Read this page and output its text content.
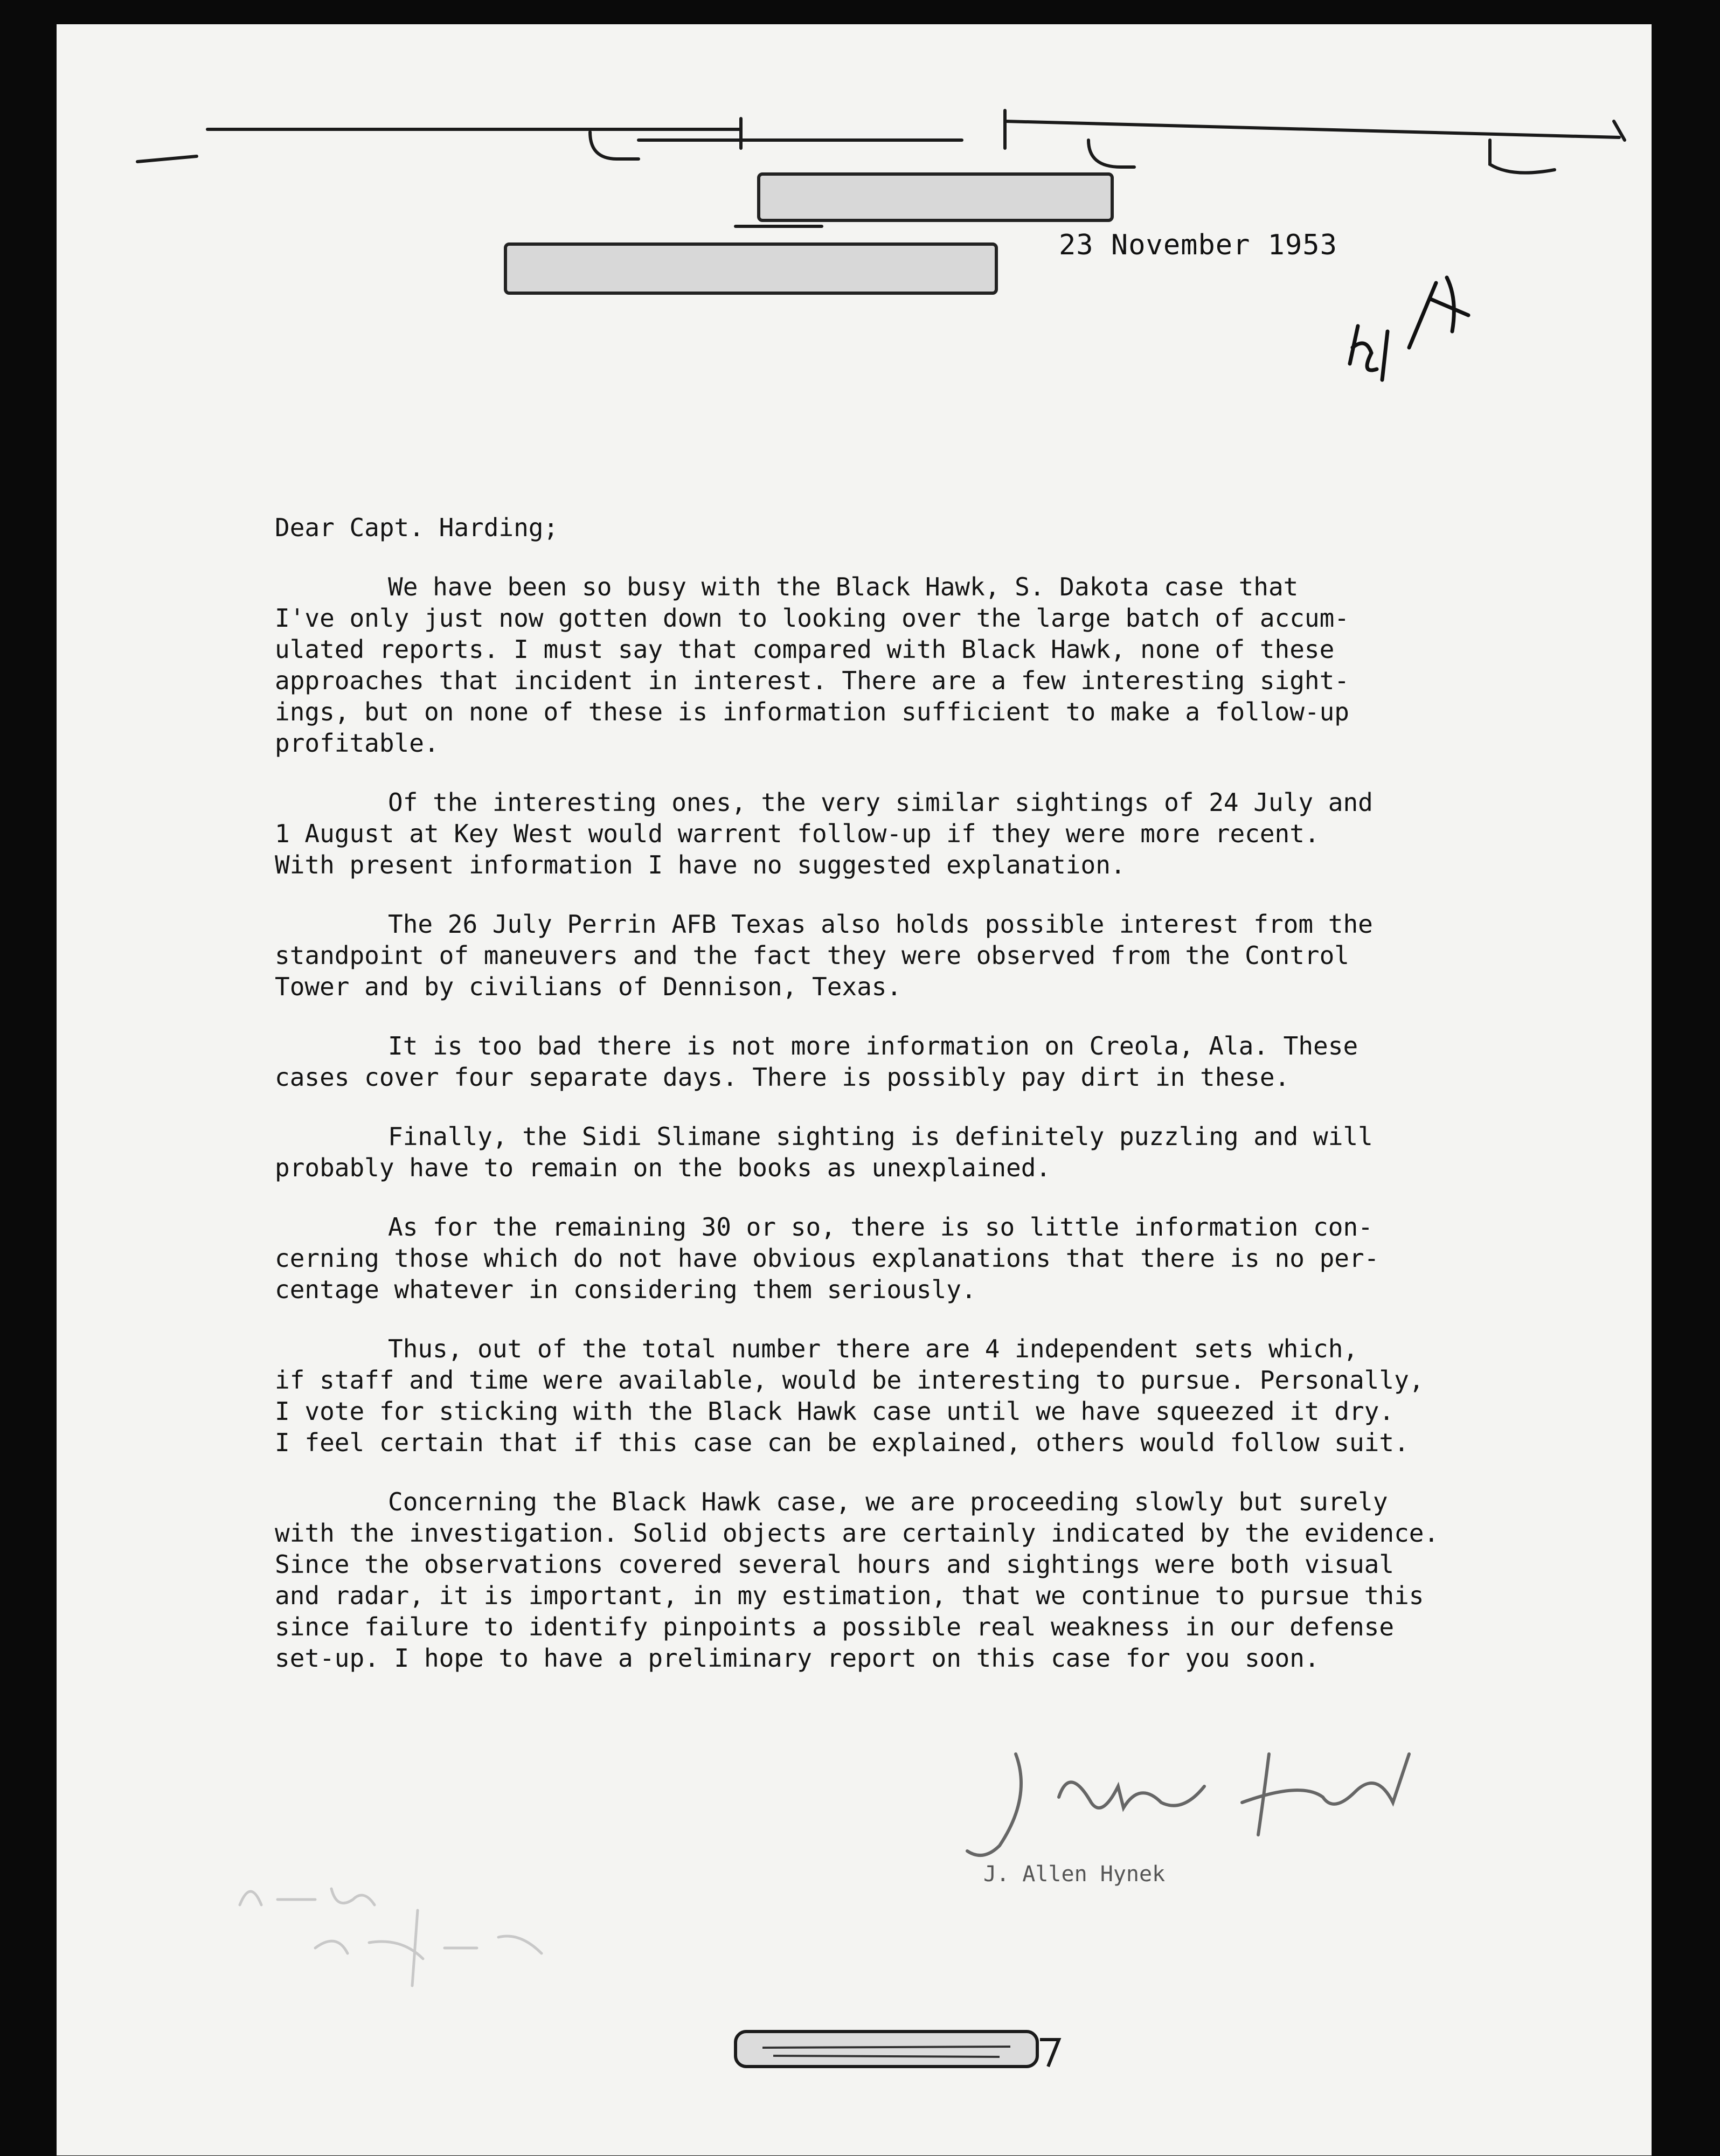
23 November 1953
Dear Capt. Harding;
We have been so busy with the Black Hawk, S. Dakota case that
I've only just now gotten down to looking over the large batch of accum-
ulated reports. I must say that compared with Black Hawk, none of these
approaches that incident in interest. There are a few interesting sight-
ings, but on none of these is information sufficient to make a follow-up
profitable.
Of the interesting ones, the very similar sightings of 24 July and
1 August at Key West would warrent follow-up if they were more recent.
With present information I have no suggested explanation.
The 26 July Perrin AFB Texas also holds possible interest from the
standpoint of maneuvers and the fact they were observed from the Control
Tower and by civilians of Dennison, Texas.
It is too bad there is not more information on Creola, Ala. These
cases cover four separate days. There is possibly pay dirt in these.
Finally, the Sidi Slimane sighting is definitely puzzling and will
probably have to remain on the books as unexplained.
As for the remaining 30 or so, there is so little information con-
cerning those which do not have obvious explanations that there is no per-
centage whatever in considering them seriously.
Thus, out of the total number there are 4 independent sets which,
if staff and time were available, would be interesting to pursue. Personally,
I vote for sticking with the Black Hawk case until we have squeezed it dry.
I feel certain that if this case can be explained, others would follow suit.
Concerning the Black Hawk case, we are proceeding slowly but surely
with the investigation. Solid objects are certainly indicated by the evidence.
Since the observations covered several hours and sightings were both visual
and radar, it is important, in my estimation, that we continue to pursue this
since failure to identify pinpoints a possible real weakness in our defense
set-up. I hope to have a preliminary report on this case for you soon.
J. Allen Hynek
